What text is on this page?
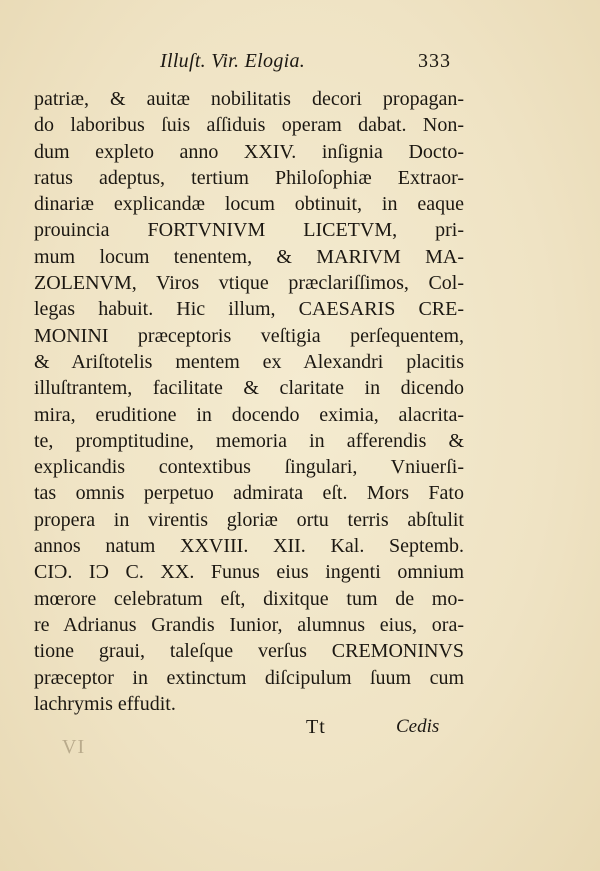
Illuſt. Vir. Elogia.	333
patriæ, & auitæ nobilitatis decori propagan-
do laboribus ſuis aſſiduis operam dabat. Non-
dum expleto anno XXIV. inſignia Docto-
ratus adeptus, tertium Philoſophiæ Extraor-
dinariæ explicandæ locum obtinuit, in eaque
prouincia FORTVNIVM LICETVM, pri-
mum locum tenentem, & MARIVM MA-
ZOLENVM, Viros vtique præclariſſimos, Col-
legas habuit. Hic illum, CAESARIS CRE-
MONINI præceptoris veſtigia perſequentem,
& Ariſtotelis mentem ex Alexandri placitis
illuſtrantem, facilitate & claritate in dicendo
mira, eruditione in docendo eximia, alacrita-
te, promptitudine, memoria in afferendis &
explicandis contextibus ſingulari, Vniuerſi-
tas omnis perpetuo admirata eſt. Mors Fato
propera in virentis gloriæ ortu terris abſtulit
annos natum XXVIII. XII. Kal. Septemb.
CIƆ. IƆ C. XX. Funus eius ingenti omnium
mœrore celebratum eſt, dixitque tum de mo-
re Adrianus Grandis Iunior, alumnus eius, ora-
tione graui, taleſque verſus CREMONINVS
præceptor in extinctum diſcipulum ſuum cum
lachrymis effudit.
Tt	Cedis
VI
